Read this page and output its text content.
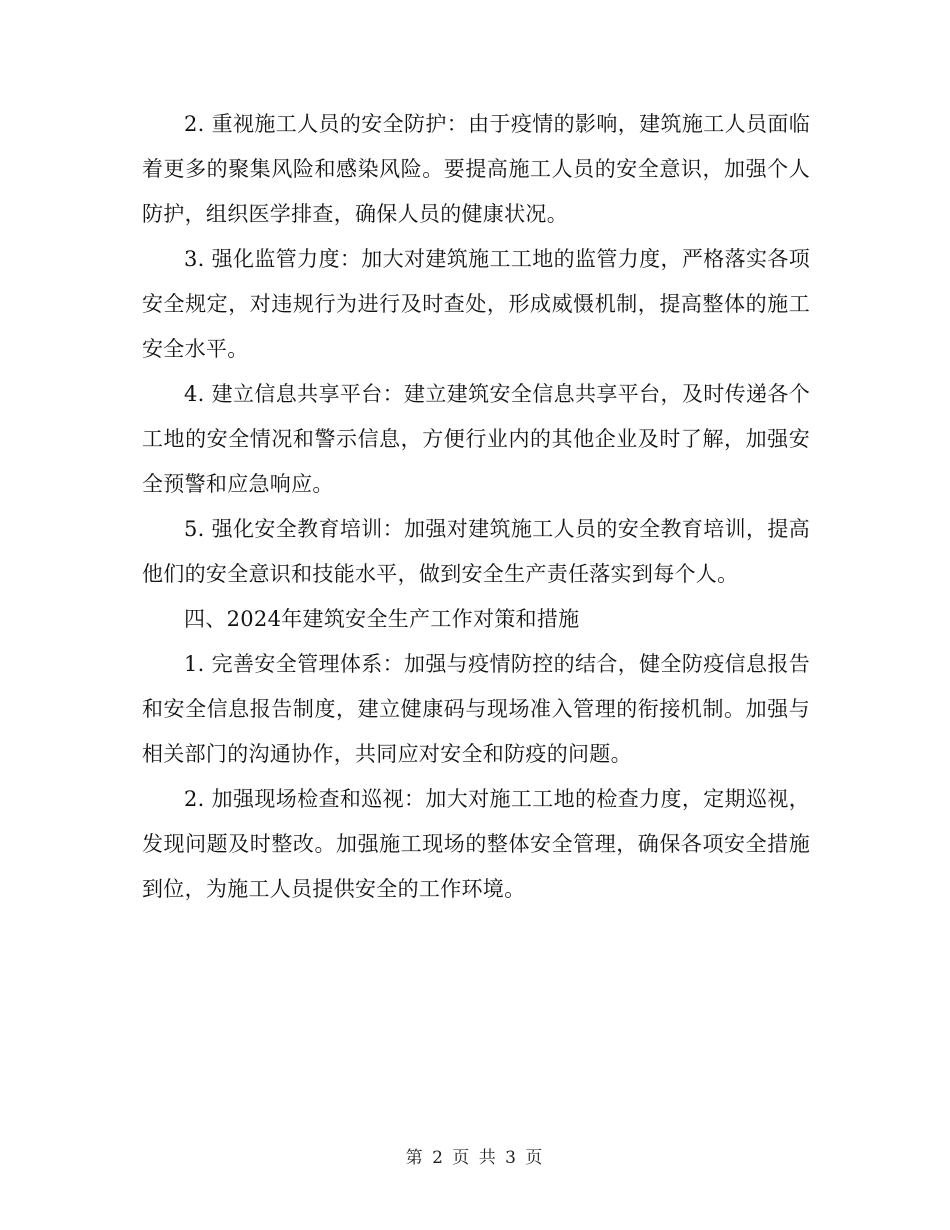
2. 重视施工人员的安全防护：由于疫情的影响，建筑施工人员面临着更多的聚集风险和感染风险。要提高施工人员的安全意识，加强个人防护，组织医学排查，确保人员的健康状况。

3. 强化监管力度：加大对建筑施工工地的监管力度，严格落实各项安全规定，对违规行为进行及时查处，形成威慑机制，提高整体的施工安全水平。

4. 建立信息共享平台：建立建筑安全信息共享平台，及时传递各个工地的安全情况和警示信息，方便行业内的其他企业及时了解，加强安全预警和应急响应。

5. 强化安全教育培训：加强对建筑施工人员的安全教育培训，提高他们的安全意识和技能水平，做到安全生产责任落实到每个人。

四、2024年建筑安全生产工作对策和措施

1. 完善安全管理体系：加强与疫情防控的结合，健全防疫信息报告和安全信息报告制度，建立健康码与现场准入管理的衔接机制。加强与相关部门的沟通协作，共同应对安全和防疫的问题。

2. 加强现场检查和巡视：加大对施工工地的检查力度，定期巡视，发现问题及时整改。加强施工现场的整体安全管理，确保各项安全措施到位，为施工人员提供安全的工作环境。

第 2 页 共 3 页
